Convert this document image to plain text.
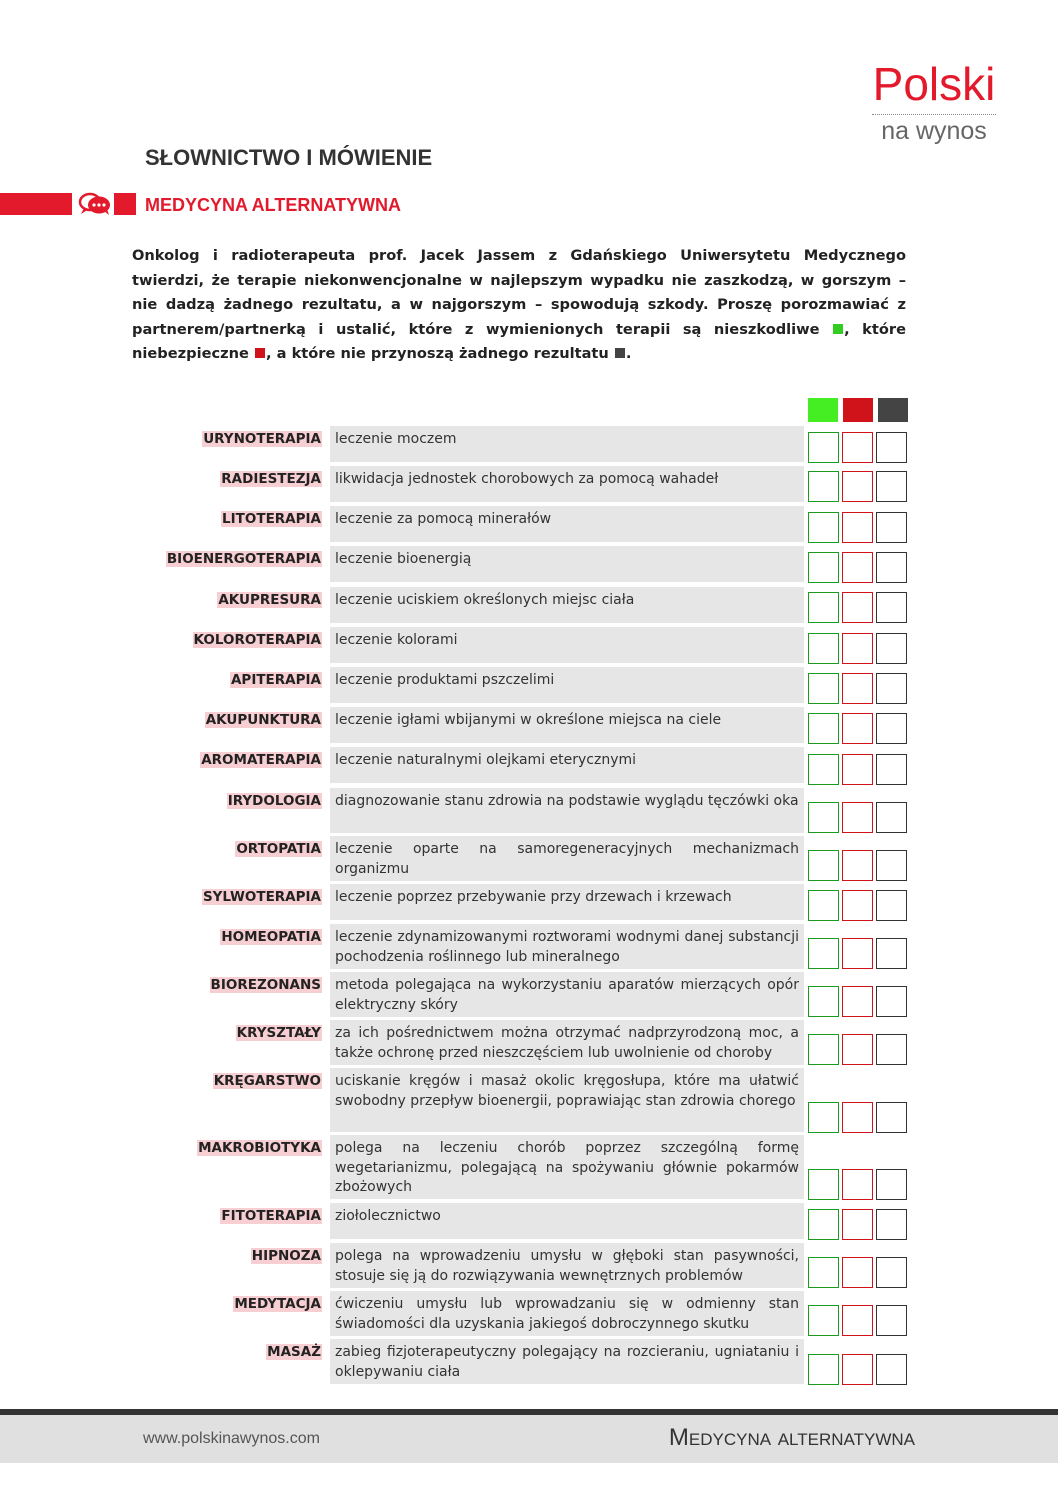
Polski
na wynos
SŁOWNICTWO I MÓWIENIE
MEDYCYNA ALTERNATYWNA
Onkolog i radioterapeuta prof. Jacek Jassem z Gdańskiego Uniwersytetu Medycznego twierdzi, że terapie niekonwencjonalne w najlepszym wypadku nie zaszkodzą, w gorszym – nie dadzą żadnego rezultatu, a w najgorszym – spowodują szkody. Proszę porozmawiać z partnerem/partnerką i ustalić, które z wymienionych terapii są nieszkodliwe , które niebezpieczne , a które nie przynoszą żadnego rezultatu .
URYNOTERAPIA	leczenie moczem
RADIESTEZJA	likwidacja jednostek chorobowych za pomocą wahadeł
LITOTERAPIA	leczenie za pomocą minerałów
BIOENERGOTERAPIA	leczenie bioenergią
AKUPRESURA	leczenie uciskiem określonych miejsc ciała
KOLOROTERAPIA	leczenie kolorami
APITERAPIA	leczenie produktami pszczelimi
AKUPUNKTURA	leczenie igłami wbijanymi w określone miejsca na ciele
AROMATERAPIA	leczenie naturalnymi olejkami eterycznymi
IRYDOLOGIA	diagnozowanie stanu zdrowia na podstawie wyglądu tęczówki oka
ORTOPATIA	leczenie oparte na samoregeneracyjnych mechanizmach organizmu
SYLWOTERAPIA	leczenie poprzez przebywanie przy drzewach i krzewach
HOMEOPATIA	leczenie zdynamizowanymi roztworami wodnymi danej substancji pochodzenia roślinnego lub mineralnego
BIOREZONANS	metoda polegająca na wykorzystaniu aparatów mierzących opór elektryczny skóry
KRYSZTAŁY	za ich pośrednictwem można otrzymać nadprzyrodzoną moc, a także ochronę przed nieszczęściem lub uwolnienie od choroby
KRĘGARSTWO	uciskanie kręgów i masaż okolic kręgosłupa, które ma ułatwić swobodny przepływ bioenergii, poprawiając stan zdrowia chorego
MAKROBIOTYKA	polega na leczeniu chorób poprzez szczególną formę wegetarianizmu, polegającą na spożywaniu głównie pokarmów zbożowych
FITOTERAPIA	ziołolecznictwo
HIPNOZA	polega na wprowadzeniu umysłu w głęboki stan pasywności, stosuje się ją do rozwiązywania wewnętrznych problemów
MEDYTACJA	ćwiczeniu umysłu lub wprowadzaniu się w odmienny stan świadomości dla uzyskania jakiegoś dobroczynnego skutku
MASAŻ	zabieg fizjoterapeutyczny polegający na rozcieraniu, ugniataniu i oklepywaniu ciała
www.polskinawynos.com	Medycyna alternatywna
